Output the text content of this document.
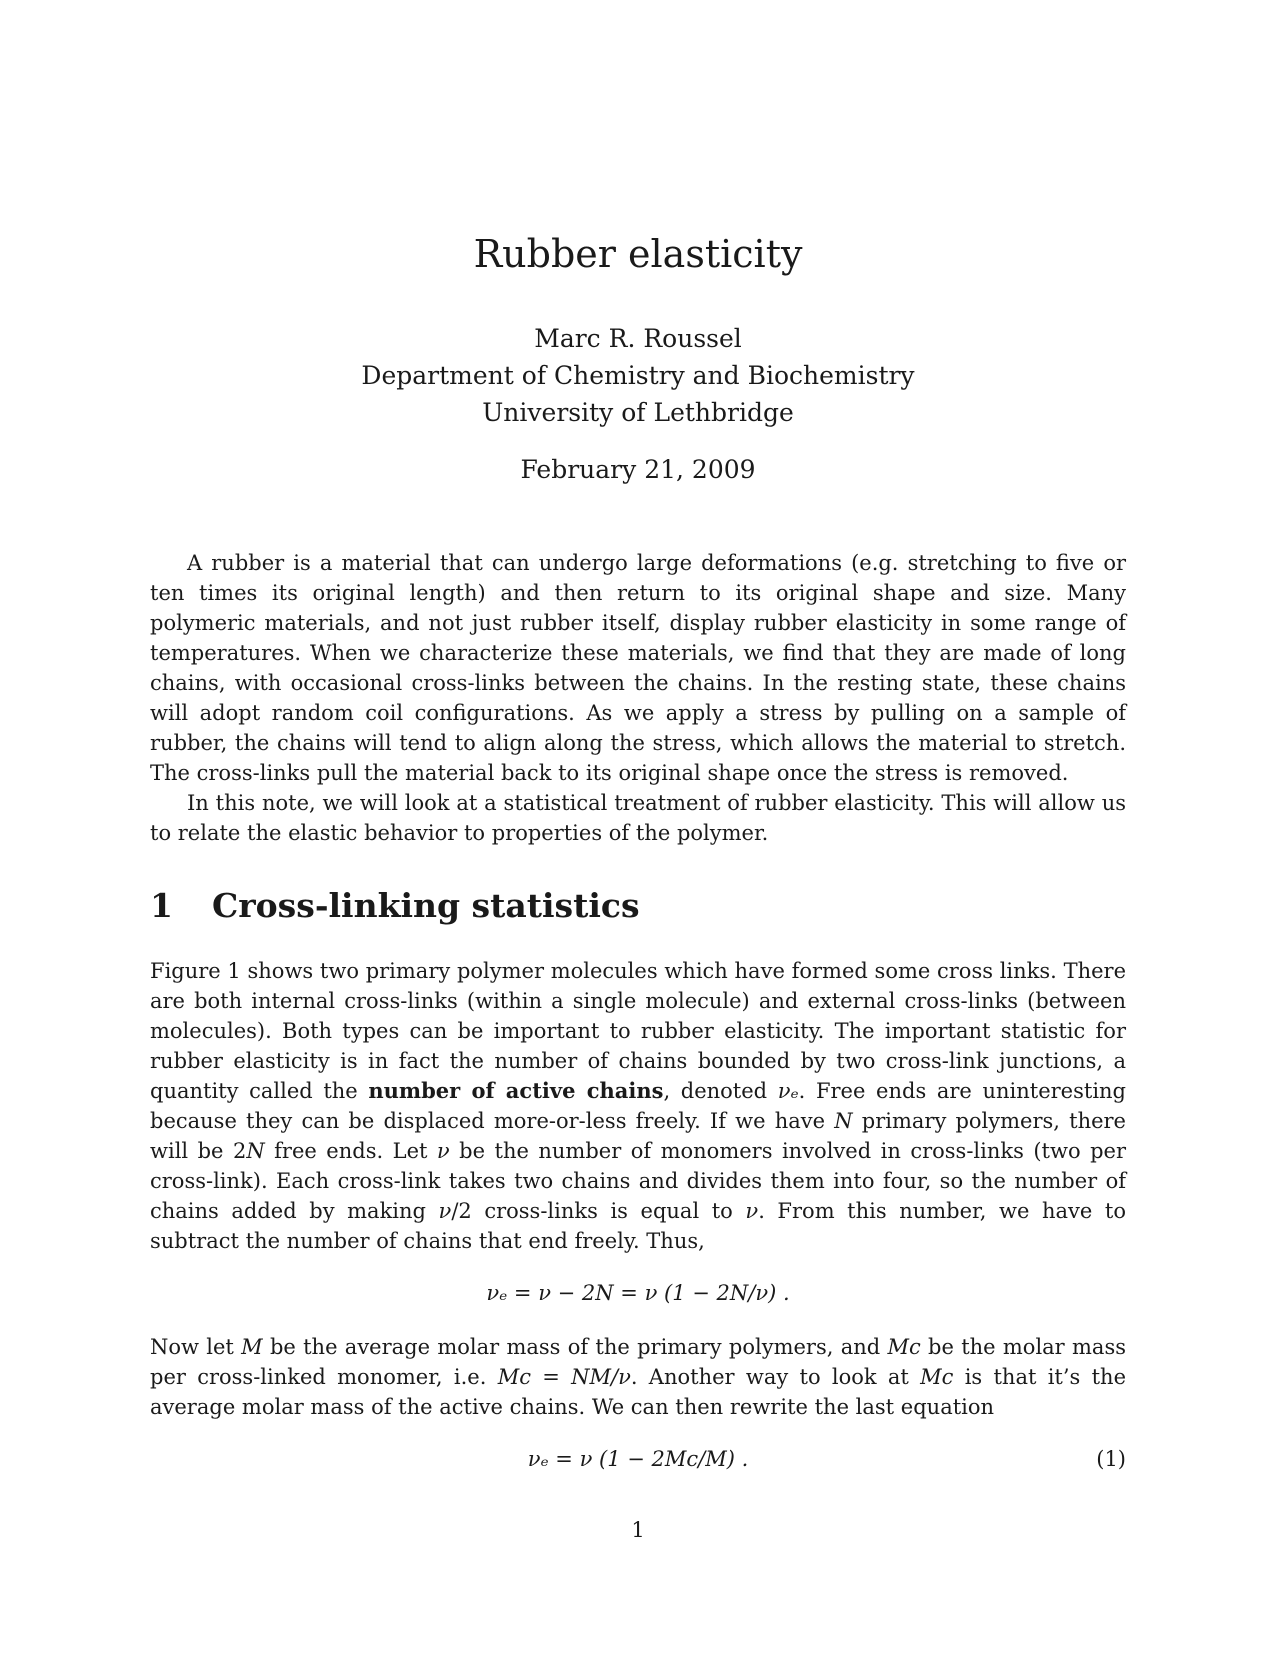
Rubber elasticity
Marc R. Roussel
Department of Chemistry and Biochemistry
University of Lethbridge
February 21, 2009

A rubber is a material that can undergo large deformations (e.g. stretching to five or ten times its original length) and then return to its original shape and size. Many polymeric materials, and not just rubber itself, display rubber elasticity in some range of temperatures. When we characterize these materials, we find that they are made of long chains, with occasional cross-links between the chains. In the resting state, these chains will adopt random coil configurations. As we apply a stress by pulling on a sample of rubber, the chains will tend to align along the stress, which allows the material to stretch. The cross-links pull the material back to its original shape once the stress is removed.

In this note, we will look at a statistical treatment of rubber elasticity. This will allow us to relate the elastic behavior to properties of the polymer.

1 Cross-linking statistics

Figure 1 shows two primary polymer molecules which have formed some cross links. There are both internal cross-links (within a single molecule) and external cross-links (between molecules). Both types can be important to rubber elasticity. The important statistic for rubber elasticity is in fact the number of chains bounded by two cross-link junctions, a quantity called the number of active chains, denoted νₑ. Free ends are uninteresting because they can be displaced more-or-less freely. If we have N primary polymers, there will be 2N free ends. Let ν be the number of monomers involved in cross-links (two per cross-link). Each cross-link takes two chains and divides them into four, so the number of chains added by making ν/2 cross-links is equal to ν. From this number, we have to subtract the number of chains that end freely. Thus,

νₑ = ν − 2N = ν (1 − 2N/ν) .

Now let M be the average molar mass of the primary polymers, and Mc be the molar mass per cross-linked monomer, i.e. Mc = NM/ν. Another way to look at Mc is that it’s the average molar mass of the active chains. We can then rewrite the last equation

νₑ = ν (1 − 2Mc/M) .	(1)
1
